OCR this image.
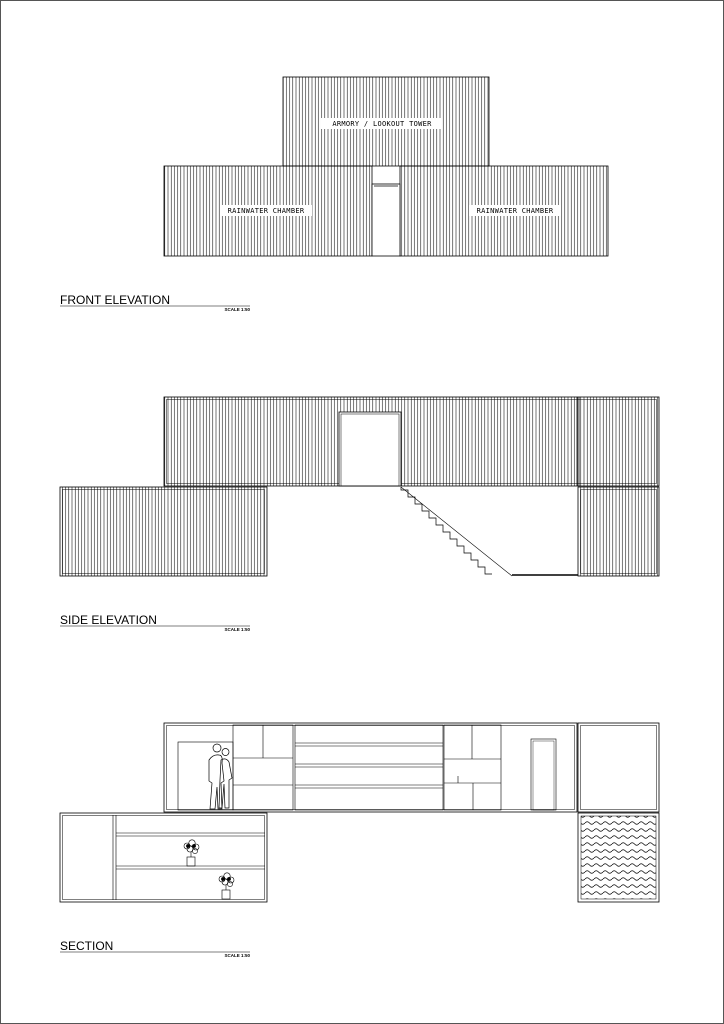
ARMORY / LOOKOUT TOWER
RAINWATER CHAMBER	RAINWATER CHAMBER
FRONT ELEVATION
SCALE 1:50
SIDE ELEVATION
SCALE 1:50
SECTION
SCALE 1:50
